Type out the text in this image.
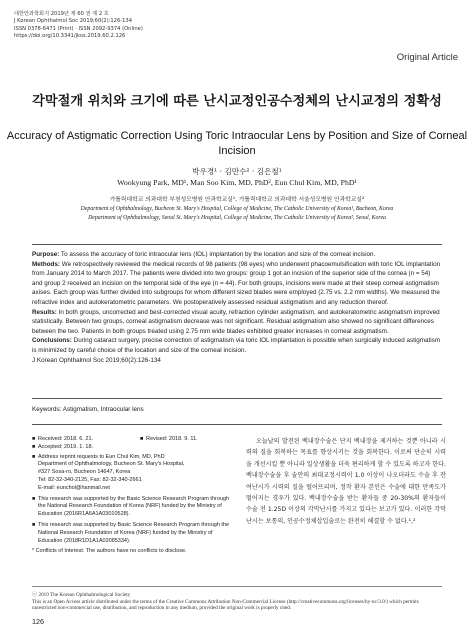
대한안과학회지 2019년 제 60 권 제 2 호
J Korean Ophthalmol Soc 2019;60(2):126-134
ISSN 0378-6471 (Print) · ISSN 2092-9374 (Online)
https://doi.org/10.3341/jkos.2019.60.2.126
Original Article
각막절개 위치와 크기에 따른 난시교정인공수정체의 난시교정의 정확성
Accuracy of Astigmatic Correction Using Toric Intraocular Lens by Position and Size of Corneal Incision
박우경¹ · 김만수² · 김은철¹
Wookyung Park, MD¹, Man Soo Kim, MD, PhD², Eun Chul Kim, MD, PhD¹
가톨릭대학교 의과대학 부천성모병원 안과학교실¹, 가톨릭대학교 의과대학 서울성모병원 안과학교실²
Department of Ophthalmology, Bucheon St. Mary's Hospital, College of Medicine, The Catholic University of Korea¹, Bucheon, Korea
Department of Ophthalmology, Seoul St. Mary's Hospital, College of Medicine, The Catholic University of Korea², Seoul, Korea

Purpose: To assess the accuracy of toric intraocular lens (IOL) implantation by the location and size of the corneal incision.

Methods: We retrospectively reviewed the medical records of 98 patients (98 eyes) who underwent phacoemulsification with toric IOL implantation from January 2014 to March 2017. The patients were divided into two groups: group 1 got an incision of the superior side of the cornea (n = 54) and group 2 received an incision on the temporal side of the eye (n = 44). For both groups, incisions were made at their steep corneal astigmatism axises. Each group was further divided into subgroups for whom different sized blades were employed (2.75 vs. 2.2 mm widths). We measured the refractive index and autokeratometric parameters. We postoperatively assessed residual astigmatism and any reduction thereof.

Results: In both groups, uncorrected and best-corrected visual acuity, refraction cylinder astigmatism, and autokeratometric astigmatism improved statistically. Between two groups, corneal astigmatism decrease was not significant. Residual astigmatism also showed no significant differences between the two. Patients in both groups treated using 2.75 mm wide blades exhibited greater increases in corneal astigmatism.

Conclusions: During cataract surgery, precise correction of astigmatism via toric IOL implantation is possible when surgically induced astigmatism is minimized by careful choice of the location and size of the corneal incision.

J Korean Ophthalmol Soc 2019;60(2):126-134

Keywords: Astigmatism, Intraocular lens
■ Received: 2018. 6. 21.
■ Accepted: 2019. 1. 18.
■ Address reprint requests to Eun Chul Kim, MD, PhD
Department of Ophthalmology, Bucheon St. Mary's Hospital,
#327 Sosa-ro, Bucheon 14647, Korea
Tel: 82-32-340-2125, Fax: 82-32-340-2661
E-mail: eunchol@hanmail.net
■ This research was supported by the Basic Science Research Program through the National Research Foundation of Korea (NRF) funded by the Ministry of Education (2016R1A6A1A03010528).
■ This research was supported by Basic Science Research Program through the National Research Foundation of Korea (NRF) funded by the Ministry of Education (2018R1D1A1A02085334).
* Conflicts of Interest: The authors have no conflicts to disclose.
■ Revised: 2018. 9. 11.	오늘날의 발전된 백내장수술은 단지 백내장을 제거하는 것뿐 아니라 시력의 질을 회복하는 목표를 향상시키는 것을 회복한다. 이로써 단순히 시력을 개선시킬 뿐 아니라 일상생활을 더욱 편리하게 할 수 있도록 하고자 한다. 백내장수술을 후 술안의 최대교정시력이 1.0 이상이 나오더라도 수술 후 잔여난시가 시력의 질을 떨어뜨리며, 정작 환자 본인은 수술에 대한 만족도가 떨어지는 경우가 있다. 백내장수술을 받는 환자들 중 20-30%의 환자들이 수술 전 1.25D 이상의 각막난시를 가지고 있다는 보고가 있다. 이러한 각막난시는 보통의, 인공수정체삽입술로는 완전히 해결할 수 없다.¹,²

ⓒ 2019 The Korean Ophthalmological Society
This is an Open Access article distributed under the terms of the Creative Commons Attribution Non-Commercial License (http://creativecommons.org/licenses/by-nc/3.0/) which permits unrestricted non-commercial use, distribution, and reproduction in any medium, provided the original work is properly cited.
126
